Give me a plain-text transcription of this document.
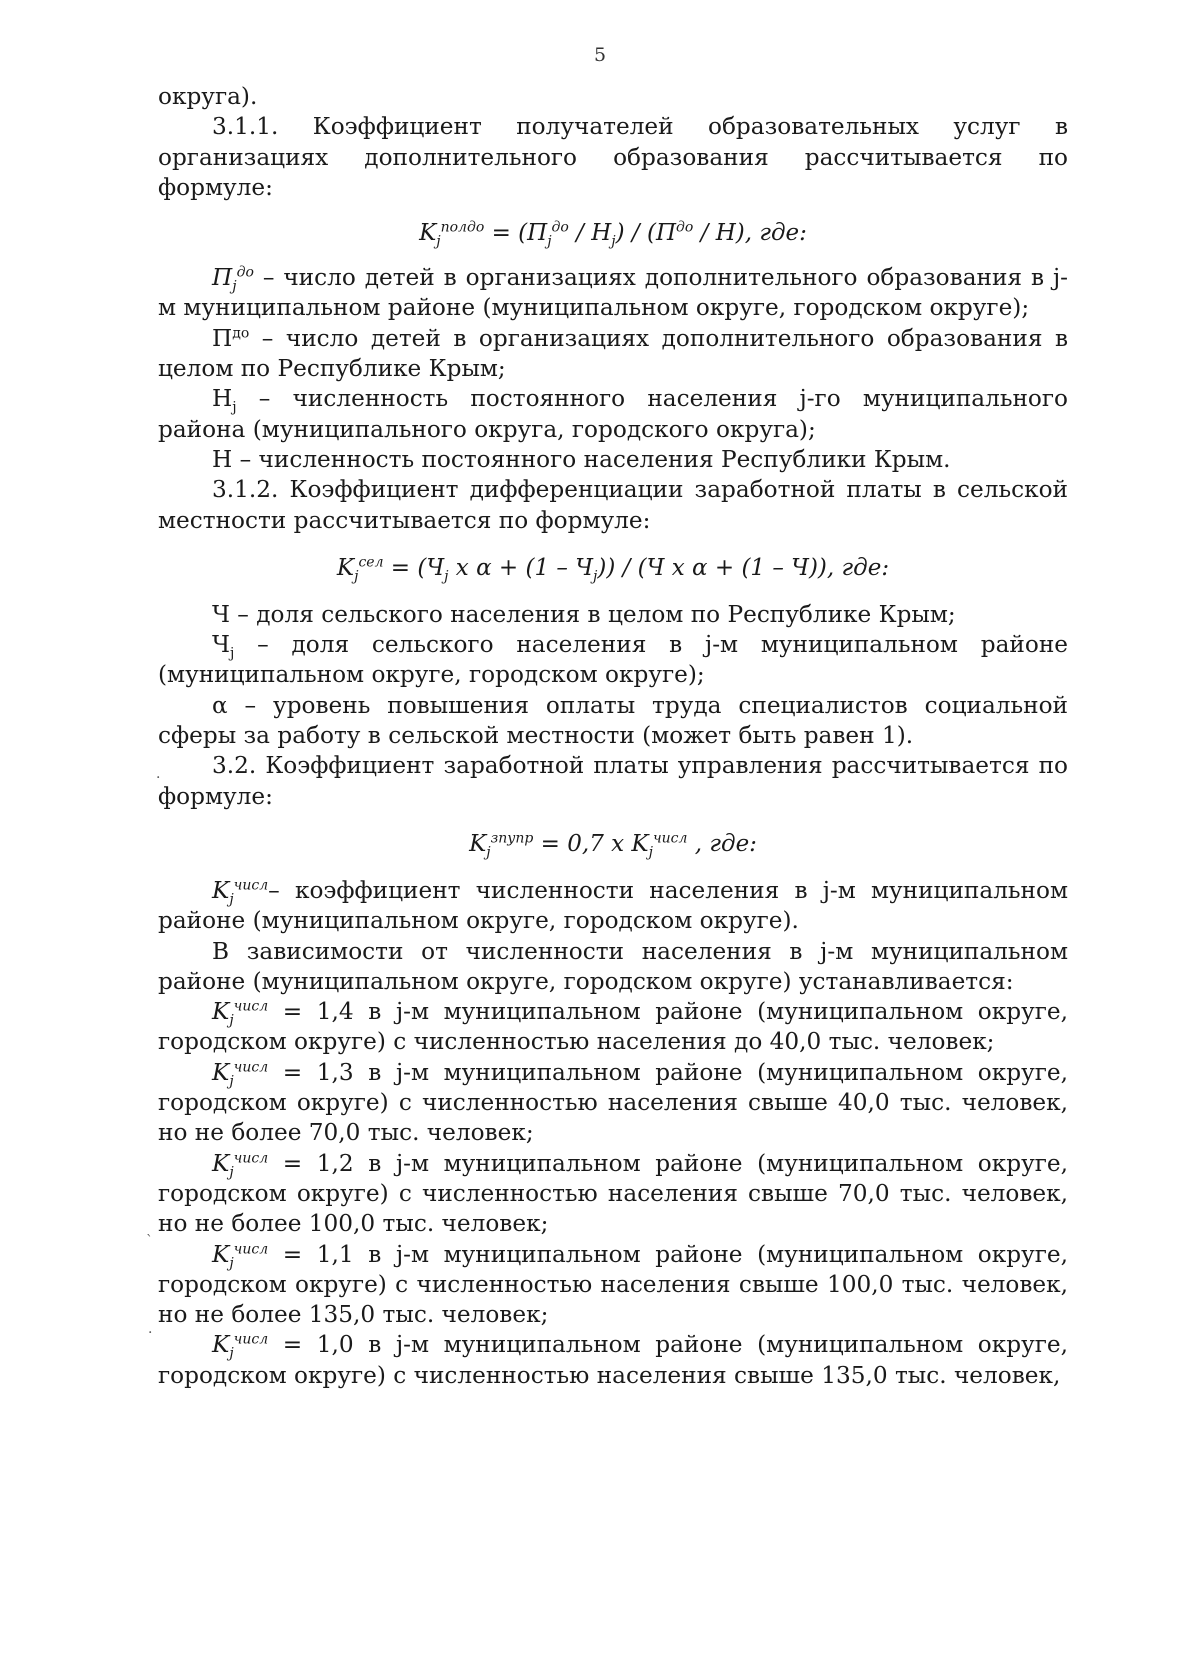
5

округа).

3.1.1. Коэффициент получателей образовательных услуг в организациях дополнительного образования рассчитывается по формуле:

$K_j^{полдо} = (П_j^{до} / Н_j) / (П^{до} / Н)$, где:

$П_j^{до}$ – число детей в организациях дополнительного образования в j-м муниципальном районе (муниципальном округе, городском округе);

$П^{до}$ – число детей в организациях дополнительного образования в целом по Республике Крым;

$Н_j$ – численность постоянного населения j-го муниципального района (муниципального округа, городского округа);

Н – численность постоянного населения Республики Крым.

3.1.2. Коэффициент дифференциации заработной платы в сельской местности рассчитывается по формуле:

$K_j^{сел} = (Ч_j$ x $\alpha + (1 - Ч_j)) / (Ч$ x α + (1 – Ч)), где:

Ч – доля сельского населения в целом по Республике Крым;

$Ч_j$ – доля сельского населения в j-м муниципальном районе (муниципальном округе, городском округе);

α – уровень повышения оплаты труда специалистов социальной сферы за работу в сельской местности (может быть равен 1).

3.2. Коэффициент заработной платы управления рассчитывается по формуле:

$K_j^{зпупр} = 0,7$ x $K_j^{числ}$ , где:

$K_j^{числ}-$ коэффициент численности населения в j-м муниципальном районе (муниципальном округе, городском округе).

В зависимости от численности населения в j-м муниципальном районе (муниципальном округе, городском округе) устанавливается:

$K_j^{числ} = 1,4$ в j-м муниципальном районе (муниципальном округе, городском округе) с численностью населения до 40,0 тыс. человек;

$K_j^{числ} = 1,3$ в j-м муниципальном районе (муниципальном округе, городском округе) с численностью населения свыше 40,0 тыс. человек, но не более 70,0 тыс. человек;

$K_j^{числ} = 1,2$ в j-м муниципальном районе (муниципальном округе, городском округе) с численностью населения свыше 70,0 тыс. человек, но не более 100,0 тыс. человек;

$K_j^{числ} = 1,1$ в j-м муниципальном районе (муниципальном округе, городском округе) с численностью населения свыше 100,0 тыс. человек, но не более 135,0 тыс. человек;

$K_j^{числ} = 1,0$ в j-м муниципальном районе (муниципальном округе, городском округе) с численностью населения свыше 135,0 тыс. человек,

`
·
·
